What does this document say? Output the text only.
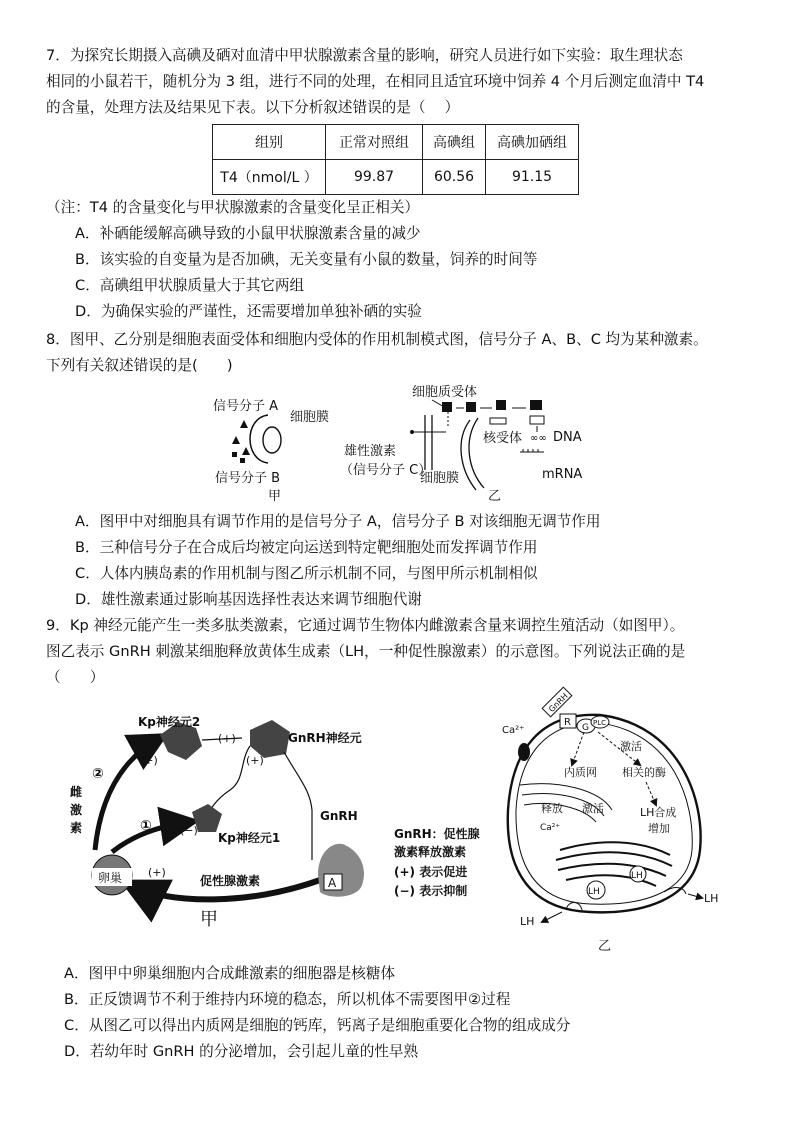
7．为探究长期摄入高碘及硒对血清中甲状腺激素含量的影响，研究人员进行如下实验：取生理状态
相同的小鼠若干，随机分为 3 组，进行不同的处理，在相同且适宜环境中饲养 4 个月后测定血清中 T4
的含量，处理方法及结果见下表。以下分析叙述错误的是（　 ）
组别	正常对照组	高碘组	高碘加硒组
T4（nmol/L ）	99.87	60.56	91.15
（注：T4 的含量变化与甲状腺激素的含量变化呈正相关）
A．补硒能缓解高碘导致的小鼠甲状腺激素含量的减少
B．该实验的自变量为是否加碘，无关变量有小鼠的数量，饲养的时间等
C．高碘组甲状腺质量大于其它两组
D．为确保实验的严谨性，还需要增加单独补硒的实验
8．图甲、乙分别是细胞表面受体和细胞内受体的作用机制模式图，信号分子 A、B、C 均为某种激素。
下列有关叙述错误的是(　　)
信号分子 A
细胞膜
信号分子 B
甲
细胞质受体
核受体 ∞∞ DNA
mRNA
雄性激素
（信号分子 C）
细胞膜
乙
A．图甲中对细胞具有调节作用的是信号分子 A，信号分子 B 对该细胞无调节作用
B．三种信号分子在合成后均被定向运送到特定靶细胞处而发挥调节作用
C．人体内胰岛素的作用机制与图乙所示机制不同，与图甲所示机制相似
D．雄性激素通过影响基因选择性表达来调节细胞代谢
9．Kp 神经元能产生一类多肽类激素，它通过调节生物体内雌激素含量来调控生殖活动（如图甲）。
图乙表示 GnRH 刺激某细胞释放黄体生成素（LH，一种促性腺激素）的示意图。下列说法正确的是
（　　）
A
卵巢
Kp神经元2
GnRH神经元
Kp神经元1
GnRH
雌
激
素
促性腺激素
②
①
(+)
(+)
(+)
(−)
(+)
甲
GnRH：促性腺
激素释放激素
(+) 表示促进
(−) 表示抑制
Ca²⁺
R
GnRH
G PLC
激活
内质网 相关的酶
释放 激活	LH合成
增加
Ca²⁺
LH
LH
LH
LH
乙
A．图甲中卵巢细胞内合成雌激素的细胞器是核糖体
B．正反馈调节不利于维持内环境的稳态，所以机体不需要图甲②过程
C．从图乙可以得出内质网是细胞的钙库，钙离子是细胞重要化合物的组成成分
D．若幼年时 GnRH 的分泌增加，会引起儿童的性早熟
